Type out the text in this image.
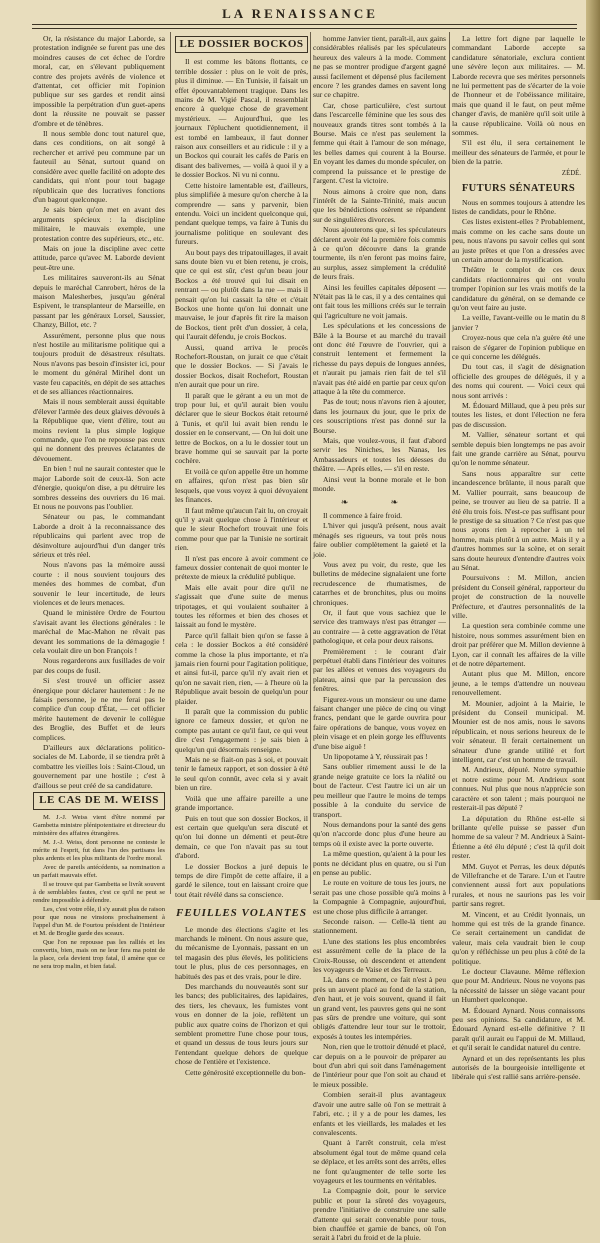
LA RENAISSANCE

Or, la résistance du major Laborde, sa protestation indignée se furent pas une des moindres causes de cet échec de l'ordre moral, car, en s'élevant publiquement contre des projets avérés de violence et d'attentat, cet officier mit l'opinion publique sur ses gardes et rendit ainsi impossible la perpétration d'un guet-apens dont la réussite ne pouvait se passer d'ombre et de ténèbres.

Il nous semble donc tout naturel que, dans ces conditions, on ait songé à rechercher et arrivé peu commune par un fauteuil au Sénat, surtout quand on considère avec quelle facilité on adopte des candidats, qui n'ont pour tout bagage républicain que des lucratives fonctions d'un bagout quelconque.

Je sais bien qu'on met en avant des arguments spécieux : la discipline militaire, le mauvais exemple, une protestation contre des supérieurs, etc., etc.

Mais on joue la discipline avec cette attitude, parce qu'avec M. Laborde devient peut-être une.

Les militaires sauveront-ils au Sénat depuis le maréchal Canrobert, héros de la maison Malesherbes, jusqu'au général Espivent, le transplanteur de Marseille, en passant par les généraux Lorsel, Saussier, Chanzy, Billot, etc. ?

Assurément, personne plus que nous n'est hostile au militarisme politique qui a toujours produit de désastreux résultats. Nous n'avons pas besoin d'insister ici, pour le moment du général Mirihel dont un vaste feu capacités, en dépit de ses attaches et de ses alliances réactionnaires.

Mais il nous semblerait aussi équitable d'élever l'armée des deux glaives dévoués à la République que, vient d'élire, tout au moins revient la plus simple logique commande, que l'on ne repousse pas ceux qui ne donnent des preuves éclatantes de dévouement.

En bien ! nul ne saurait contester que le major Laborde soit de ceux-là. Son acte d'énergie, quoiqu'on dise, a pu détruire les sombres desseins des ouvriers du 16 mai. Et nous ne pouvons pas l'oublier.

Sénateur ou pas, le commandant Laborde a droit à la reconnaissance des républicains qui parlent avec trop de désinvolture aujourd'hui d'un danger très sérieux et très réel.

Nous n'avons pas la mémoire aussi courte : il nous souvient toujours des menées des hommes de combat, d'un souvenir le leur incertitude, de leurs violences et de leurs menaces.

Quand le ministère Ordre de Fourtou s'avisait avant les élections générales : le maréchal de Mac-Mahon ne rêvait pas devant les sommations de la démagogie ! cela voulait dire un bon François !

Nous regarderons aux fusillades de voir par des coups de fusil.

Si s'est trouvé un officier assez énergique pour déclarer hautement : Je ne faisais personne, je ne me ferai pas le complice d'un coup d'État, — cet officier mérite hautement de devenir le collègue des Broglie, des Buffet et de leurs complices.

D'ailleurs aux déclarations politico-sociales de M. Laborde, il se tiendra prêt à combattre les vieilles lois : Saint-Cloud, un gouvernement par une hostile ; c'est à d'aillous se peut créé de sa candidature.

LE CAS DE M. WEISS

M. J.-J. Weiss vient d'être nommé par Gambetta ministre plénipotentiaire et directeur du ministère des affaires étrangères.

M. J.-J. Weiss, dont personne ne conteste le mérite ni l'esprit, fut dans l'un des partisans les plus ardents et les plus militants de l'ordre moral.

Avec de pareils antécédents, sa nomination a un parfait mauvais effet.

Il se trouve qui par Gambetta se livrât souvent à de semblables fautes, c'est ce qu'il ne peut se rendre impossible à défendre.

Les, c'est votre rôle, il s'y aurait plus de raison pour que nous ne vinsions prochainement à l'appel d'un M. de Fourtou président de l'intérieur et M. de Broglie garde des sceaux.

Que l'on ne repousse pas les ralliés et les convertis, bien, mais on ne leur fera ma point de la place, cela devient trop fatal, il amène que ce ne sera trop malin, et bien fatal.

LE DOSSIER BOCKOS

Il est comme les bâtons flottants, ce terrible dossier : plus on le voit de près, plus il diminue. — En Tunisie, il faisait un effet épouvantablement tragique. Dans les mains de M. Vigié Pascal, il ressemblait encore à quelque chose de gravement mystérieux. — Aujourd'hui, que les journaux l'épluchent quotidiennement, il est tombé en lambeaux, il faut donner raison aux conseillers et au ridicule : il y a un Bockos qui courait les cafés de Paris en disant des balivernes, — voilà à quoi il y a le dossier Bockos. Ni vu ni connu.

Cette histoire lamentable est, d'ailleurs, plus simplifiée à mesure qu'on cherche à la comprendre — sans y parvenir, bien entendu. Voici un incident quelconque qui, pendant quelque temps, va faire à Tunis du journalisme politique en soulevant des fureurs.

Au bout pays des tripatouillages, il avait sans doute bien vu et bien retenu, je crois, que ce qui est sûr, c'est qu'un beau jour Bockos a été trouvé qui lui disait en rentrant — ou plutôt dans la rue — mais il pensait qu'on lui cassait la tête et c'était Bockos une honte qu'on lui donnait une mauvaise, le jour d'après fit rire la maison de Bockos, tient prêt d'un dossier, à cela, qui l'aurait défendu, je crois Bockos.

Aussi, quand arriva le procès Rochefort-Roustan, on jurait ce que c'était que le dossier Bockos. — Si j'avais le dossier Bockos, disait Rochefort, Roustan n'en aurait que pour un rire.

Il paraît que le gérant a eu un mot de trop pour lui, et qu'il aurait bien voulu déclarer que le sieur Bockos était retourné à Tunis, et qu'il lui avait bien rendu le dossier en le conservant, — On lui doit une lettre de Bockos, on a lu le dossier tout un brave homme qui se sauvait par la porte cochère.

Et voilà ce qu'on appelle être un homme en affaires, qu'on n'est pas bien sûr lesquels, que vous voyez à quoi dévoyaient les finances.

Il faut même qu'aucun l'ait lu, on croyait qu'il y avait quelque chose à l'intérieur et que le sieur Rochefort trouvait une fois comme pour que par la Tunisie ne sortirait rien.

Il n'est pas encore à avoir comment ce fameux dossier contenait de quoi monter le prétexte de mieux la crédulité publique.

Mais elle avait pour dire qu'il ne s'agissait que d'une suite de menus tripotages, et qui voulaient souhaiter à toutes les réformes et bien des choses et laissait au fond le mystère.

Parce qu'il fallait bien qu'on se fasse à cela : le dossier Bockos a été considéré comme la chose la plus importante, et n'a jamais rien fourni pour l'agitation politique, et ainsi fut-il, parce qu'il n'y avait rien et qu'on ne savait rien, rien, — à l'heure où la République avait besoin de quelqu'un pour plaider.

Il paraît que la commission du public ignore ce fameux dossier, et qu'on ne compte pas autant ce qu'il faut, ce qui veut dire c'est l'engagement : je sais bien à quelqu'un qui désormais renseigne.

Mais ne se fiait-on pas à soi, et pouvait tenir le fameux rapport, et son dossier à été le seul qu'on connût, avec cela si y avait bien un rire.

Voilà que une affaire pareille a une grande importance.

Puis en tout que son dossier Bockos, il est certain que quelqu'un sera discuté et qu'on lui donne un démenti et peut-être demain, ce que l'on n'avait pas su tout d'abord.

Le dossier Bockos a juré depuis le temps de dire l'impôt de cette affaire, il a gardé le silence, tout en laissant croire que tout était révélé dans sa conscience.

FEUILLES VOLANTES

Le monde des élections s'agite et les marchands le mènent. On nous assure que, du mécanisme de Lyonnais, passant en un tel magasin des plus élevés, les politiciens tout le plus, plus de ces personnages, en habitués des pas et des vrais, pour le dire.

Des marchands du nouveautés sont sur les bancs; des publicitaires, des lapidaires, des tiers, les chevaux, les fumistes vont vous en donner de la joie, reflètent un public aux quatre coins de l'horizon et qui semblent promettre l'une chose pour tous, et quand un dessus de tous leurs jours sur l'entendant quelque dehors de quelque chose de l'entière et l'existence.

Cette générosité exceptionnelle du bon-

homme Janvier tient, paraît-il, aux gains considérables réalisés par les spéculateurs heureux des valeurs à la mode. Comment ne pas se montrer prodigue d'argent gagné aussi facilement et dépensé plus facilement encore ? les grandes dames en savent long sur ce chapitre.

Car, chose particulière, c'est surtout dans l'escarcelle féminine que les sous des nouveaux grands titres sont tombés à la Bourse. Mais ce n'est pas seulement la femme qui était à l'amour de son ménage, les belles dames qui courent à la Bourse. En voyant les dames du monde spéculer, on comprend la puissance et le prestige de l'argent. C'est la victoire.

Nous aimons à croire que non, dans l'intérêt de la Sainte-Trinité, mais aucun que les bénédictions osèrent se répandent sur de singulières divorces.

Nous ajouterons que, si les spéculateurs déclarent avoir été la première fois commis à ce qu'on découvre dans la grande tourmente, ils n'en feront pas moins faire, au surplus, assez simplement la crédulité de leurs frais.

Ainsi les feuilles capitales déposent — N'était pas là le cas, il y a des centaines qui ont fait tous les millions créés sur le terrain qui l'agriculture ne voit jamais.

Les spéculations et les concessions de Bâle à la Bourse et au marché du travail ont donc été l'œuvre de l'ouvrier, qui a construit lentement et fermement la richesse du pays depuis de longues années, et n'aurait pu jamais rien fait de tel s'il n'avait pas été aidé en partie par ceux qu'on attaque à la tête du commerce.

Pas de tout; nous n'avons rien à ajouter, dans les journaux du jour, que le prix de ces souscriptions n'est pas donné sur la Bourse.

Mais, que voulez-vous, il faut d'abord servir les Niniches, les Nanas, les Ambassadeurs et toutes les déesses du théâtre. — Après elles, — s'il en reste.

Ainsi veut la bonne morale et le bon monde.

❧ ❧

Il commence à faire froid.

L'hiver qui jusqu'à présent, nous avait ménagés ses rigueurs, va tout près nous faire oublier complètement la gaieté et la joie.

Vous avez pu voir, du reste, que les bulletins de médecine signalaient une forte recrudescence de rhumatismes, de catarrhes et de bronchites, plus ou moins chroniques.

Or, il faut que vous sachiez que le service des tramways n'est pas étranger — au contraire — à cette aggravation de l'état pathologique, et cela pour deux raisons.

Premièrement : le courant d'air perpétuel établi dans l'intérieur des voitures par les allées et venues des voyageurs du plateau, ainsi que par la percussion des fenêtres.

Figurez-vous un monsieur ou une dame faisant changer une pièce de cinq ou vingt francs, pendant que le garde ouvrira pour faire opérations de banque, vous voyez en plein visage et en plein gorge les effluvents d'une bise aiguë !

Un lipopotame à Y, réussirait pas !

Sans oublier rimement aussi le de la grande neige gratuite ce lors la réalité ou bout de l'acteur. C'est l'autre ici un air un peu meilleur que l'autre le moins de temps possible à la conduite du service de transport.

Nous demandons pour la santé des gens qu'on n'accorde donc plus d'une heure au temps où il existe avec la porte ouverte.

La même question, qu'aient à la pour les ponts ne décidant plus en quatre, ou si l'un en pense au public.

Le route en voiture de tous les jours, ne serait pas une chose possible qu'à moins à la Compagnie à Compagnie, aujourd'hui, est une chose plus difficile à arranger.

Seconde raison. — Celle-là tient au stationnement.

L'une des stations les plus encombrées est assurément celle de la place de la Croix-Rousse, où descendent et attendent les voyageurs de Vaise et des Terreaux.

Là, dans ce moment, ce fait n'est à peu près un auvent placé au fond de la station, d'en haut, et je vois souvent, quand il fait un grand vent, les pauvres gens qui ne sont pas sûrs de prendre une voiture, qui sont obligés d'attendre leur tour sur le trottoir, exposés à toutes les intempéries.

Non, rien que le trottoir dénudé et placé, car depuis on a le pouvoir de préparer au bout d'un abri qui soit dans l'aménagement de l'intérieur pour que l'on soit au chaud et le mieux possible.

Combien serait-il plus avantageux d'avoir une autre salle où l'on se mettrait à l'abri, etc. ; il y a de pour les dames, les enfants et les vieillards, les malades et les convalescents.

Quant à l'arrêt construit, cela m'est absolument égal tout de même quand cela se déplace, et les arrêts sont des arrêts, elles ne font qu'augmenter de telle sorte les voyageurs et les tourments en véritables.

La Compagnie doit, pour le service public et pour la sûreté des voyageurs, prendre l'initiative de construire une salle d'attente qui serait convenable pour tous, bien chauffée et garnie de bancs, où l'on serait à l'abri du froid et de la pluie.

La lettre fort digne par laquelle le commandant Laborde accepte sa candidature sénatoriale, exclura contient une sévère leçon aux militaires. — M. Laborde recevra que ses mérites personnels ne lui permettent pas de s'écarter de la voie de l'honneur et de l'obéissance militaire, mais que quand il le faut, on peut même changer d'avis, de manière qu'il soit utile à la cause républicaine. Voilà où nous en sommes.

S'il est élu, il sera certainement le meilleur des sénateurs de l'armée, et pour le bien de la patrie.

ZÉDÉ.
FUTURS SÉNATEURS

Nous en sommes toujours à attendre les listes de candidats, pour le Rhône.

Ces listes existent-elles ? Probablement, mais comme on les cache sans doute un peu, nous n'avons pu savoir celles qui sont au juste prêtes et que l'on a dressées avec un certain amour de la mystification.

Théâtre le complot de ces deux candidats réactionnaires qui ont voulu tromper l'opinion sur les vrais motifs de la candidature du général, on se demande ce qu'on veut faire au juste.

La veille, l'avant-veille ou le matin du 8 janvier ?

Croyez-nous que cela n'a guère été une raison de s'égarer de l'opinion publique en ce qui concerne les délégués.

Du tout cas, il s'agit de désignation officielle des groupes de délégués, il y a des noms qui courent. — Voici ceux qui nous sont arrivés :

M. Édouard Millaud, que à peu près sur toutes les listes, et dont l'élection ne fera pas de discussion.

M. Vallier, sénateur sortant et qui semble depuis bien longtemps ne pas avoir fait une grande carrière au Sénat, pourvu qu'on le nomme sénateur.

Sans nous apparaître sur cette incandescence brûlante, il nous paraît que M. Vallier pourrait, sans beaucoup de peine, se trouver au lieu de sa patrie. Il a été élu trois fois. N'est-ce pas suffisant pour le prestige de sa situation ? Ce n'est pas que nous ayons rien à reprocher à un tel homme, mais plutôt à un autre. Mais il y a d'autres hommes sur la scène, et on serait sans doute heureux d'entendre d'autres voix au Sénat.

Poursuivons : M. Millon, ancien président du Conseil général, rapporteur du projet de construction de la nouvelle Préfecture, et d'autres personnalités de la ville.

La question sera combinée comme une histoire, nous sommes assurément bien en droit par préférer que M. Millon devienne à Lyon, car il connaît les affaires de la ville et de notre département.

Autant plus que M. Millon, encore jeune, a le temps d'attendre un nouveau renouvellement.

M. Mounier, adjoint à la Mairie, le président du Conseil municipal. M. Mounier est de nos amis, nous le savons républicain, et nous serions heureux de le voir sénateur. Il ferait certainement un sénateur d'une grande utilité et fort intelligent, car c'est un homme de travail.

M. Andrieux, député. Notre sympathie et notre estime pour M. Andrieux sont connues. Nul plus que nous n'apprécie son caractère et son talent ; mais pourquoi ne resterait-il pas député ?

La députation du Rhône est-elle si brillante qu'elle puisse se passer d'un homme de sa valeur ? M. Andrieux à Saint-Étienne a été élu député ; c'est là qu'il doit rester.

MM. Guyot et Perras, les deux députés de Villefranche et de Tarare. L'un et l'autre conviennent aussi fort aux populations rurales, et nous ne saurions pas les voir partir sans regret.

M. Vincent, et au Crédit lyonnais, un homme qui est très de la grande finance. Ce serait certainement un candidat de valeur, mais cela vaudrait bien le coup qu'on y réfléchisse un peu plus à côté de la politique.

Le docteur Clavaune. Même réflexion que pour M. Andrieux. Nous ne voyons pas la nécessité de laisser un siège vacant pour un Humbert quelconque.

M. Édouard Aynard. Nous connaissons peu ses opinions. Sa candidature, et M. Édouard Aynard est-elle définitive ? Il paraît qu'il aurait eu l'appui de M. Millaud, et qu'il serait le candidat naturel du centre.

Aynard et un des représentants les plus autorisés de la bourgeoisie intelligente et libérale qui s'est rallié sans arrière-pensée.
